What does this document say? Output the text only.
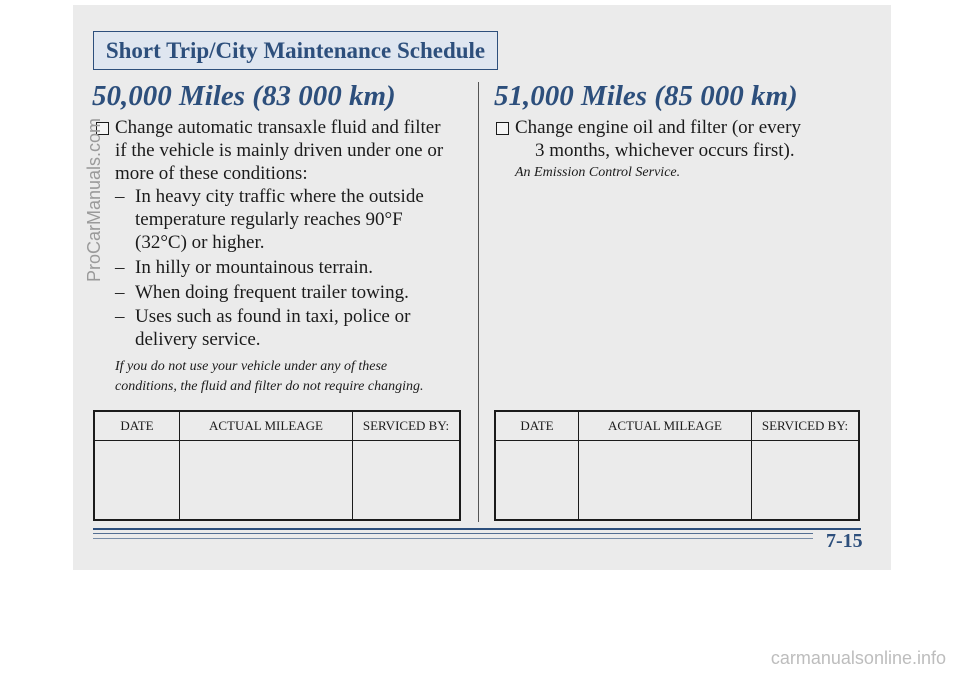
Short Trip/City Maintenance Schedule
50,000 Miles (83 000 km)
Change automatic transaxle fluid and filter
if the vehicle is mainly driven under one or
more of these conditions:
– In heavy city traffic where the outside
temperature regularly reaches 90°F
(32°C) or higher.
– In hilly or mountainous terrain.
– When doing frequent trailer towing.
– Uses such as found in taxi, police or
delivery service.
If you do not use your vehicle under any of these
conditions, the fluid and filter do not require changing.
DATE	ACTUAL MILEAGE	SERVICED BY:

51,000 Miles (85 000 km)
Change engine oil and filter (or every
3 months, whichever occurs first).
An Emission Control Service.
DATE	ACTUAL MILEAGE	SERVICED BY:

7-15
ProCarManuals.com
carmanualsonline.info
